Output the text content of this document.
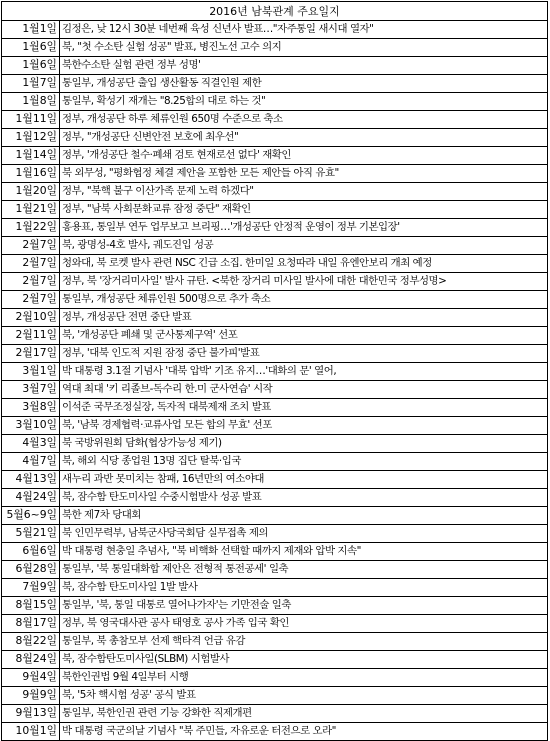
2016년 남북관계 주요일지	
1월1일	김정은, 낮 12시 30분 네번째 육성 신년사 발표…"자주통일 새시대 열자"
1월6일	북, "첫 수소탄 실험 성공" 발표, 병진노선 고수 의지
1월6일	북한수소탄 실험 관련 정부 성명'
1월7일	통일부, 개성공단 출입 생산활동 직결인원 제한
1월8일	통일부, 확성기 재개는 "8.25합의 대로 하는 것"
1월11일	정부, 개성공단 하루 체류인원 650명 수준으로 축소
1월12일	정부, "개성공단 신변안전 보호에 최우선"
1월14일	정부, '개성공단 철수·폐쇄 검토 현재로선 없다' 재확인
1월16일	북 외무성, "평화협정 체결 제안을 포함한 모든 제안들 아직 유효"
1월20일	정부, "북핵 불구 이산가족 문제 노력 하겠다"
1월21일	정부, "남북 사회문화교류 잠정 중단" 재확인
1월22일	홍용표, 통일부 연두 업무보고 브리핑…'개성공단 안정적 운영이 정부 기본입장'
2월7일	북, 광명성-4호 발사, 궤도진입 성공
2월7일	청와대, 북 로켓 발사 관련 NSC 긴급 소집. 한미일 요청따라 내일 유엔안보리 개최 예정
2월7일	정부, 북 '장거리미사일' 발사 규탄. <북한 장거리 미사일 발사에 대한 대한민국 정부성명>
2월7일	통일부, 개성공단 체류인원 500명으로 추가 축소
2월10일	정부, 개성공단 전면 중단 발표
2월11일	북, '개성공단 폐쇄 및 군사통제구역' 선포
2월17일	정부, '대북 인도적 지원 잠정 중단 불가피'발표
3월1일	박 대통령 3.1절 기념사 '대북 압박' 기조 유지…'대화의 문' 열어,
3월7일	역대 최대 '키 리졸브-독수리 한.미 군사연습' 시작
3월8일	이석준 국무조정실장, 독자적 대북제재 조치 발표
3월10일	북, '남북 경제협력·교류사업 모든 합의 무효' 선포
4월3일	북 국방위원회 담화(협상가능성 제기)
4월7일	북, 해외 식당 종업원 13명 집단 탈북·입국
4월13일	새누리 과반 못미치는 참패, 16년만의 여소야대
4월24일	북, 잠수함 탄도미사일 수중시험발사 성공 발표
5월6~9일	북한 제7차 당대회
5월21일	북 인민무력부, 남북군사당국회담 실무접촉 제의
6월6일	박 대통령 현충일 추념사, "북 비핵화 선택할 때까지 제재와 압박 지속"
6월28일	통일부, '북 통일대화합 제안은 전형적 통전공세' 일축
7월9일	북, 잠수함 탄도미사일 1발 발사
8월15일	통일부, '북, 통일 대통로 열어나가자'는 기만전술 일축
8월17일	정부, 북 영국대사관 공사 태영호 공사 가족 입국 확인
8월22일	통일부, 북 총참모부 선제 핵타격 언급 유감
8월24일	북, 잠수함탄도미사일(SLBM) 시험발사
9월4일	북한인권법 9월 4일부터 시행
9월9일	북, '5차 핵시험 성공' 공식 발표
9월13일	통일부, 북한인권 관련 기능 강화한 직제개편
10월1일	박 대통령 국군의날 기념사 "북 주민들, 자유로운 터전으로 오라"
